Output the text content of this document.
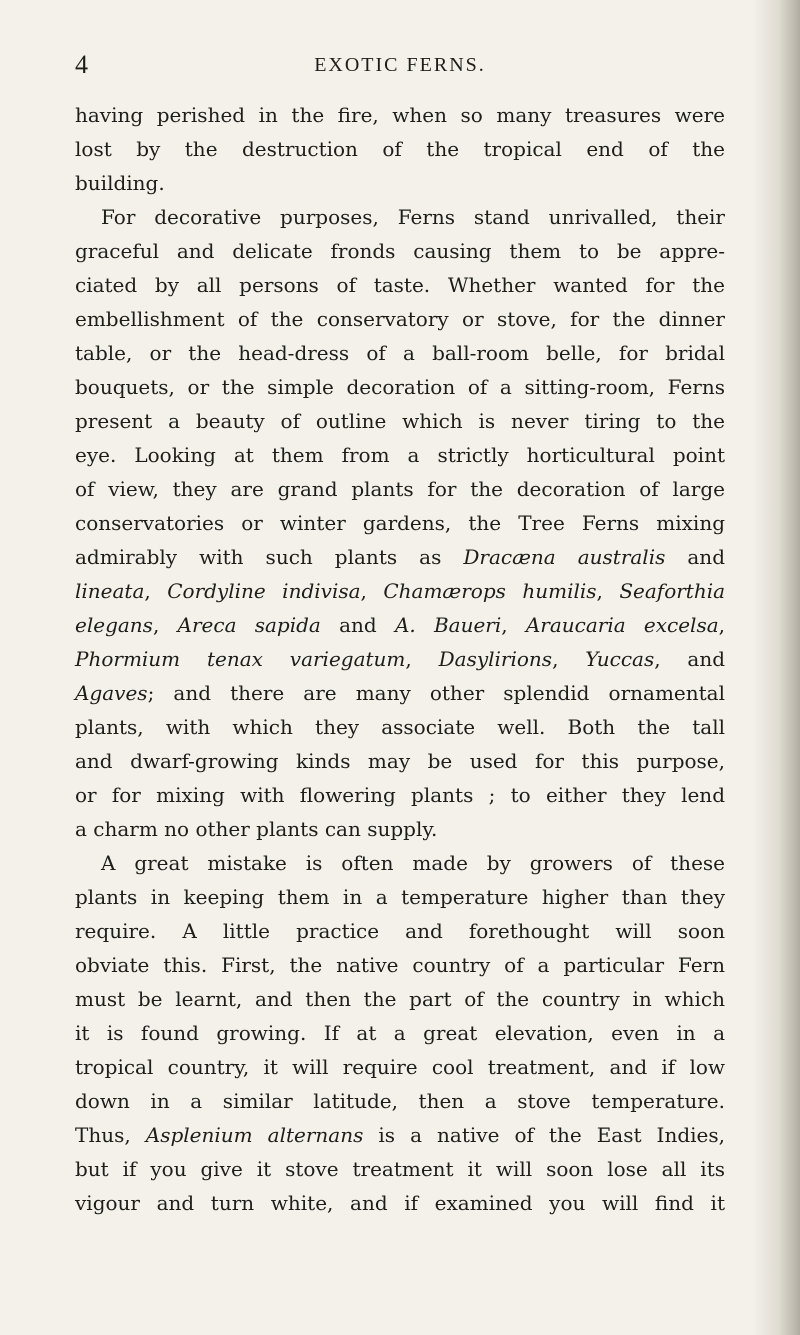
4	EXOTIC FERNS.
having perished in the fire, when so many treasures were
lost by the destruction of the tropical end of the
building.
For decorative purposes, Ferns stand unrivalled, their
graceful and delicate fronds causing them to be appre-
ciated by all persons of taste. Whether wanted for the
embellishment of the conservatory or stove, for the dinner
table, or the head-dress of a ball-room belle, for bridal
bouquets, or the simple decoration of a sitting-room, Ferns
present a beauty of outline which is never tiring to the
eye. Looking at them from a strictly horticultural point
of view, they are grand plants for the decoration of large
conservatories or winter gardens, the Tree Ferns mixing
admirably with such plants as Dracæna australis and
lineata, Cordyline indivisa, Chamærops humilis, Seaforthia
elegans, Areca sapida and A. Baueri, Araucaria excelsa,
Phormium tenax variegatum, Dasylirions, Yuccas, and
Agaves; and there are many other splendid ornamental
plants, with which they associate well. Both the tall
and dwarf-growing kinds may be used for this purpose,
or for mixing with flowering plants ; to either they lend
a charm no other plants can supply.
A great mistake is often made by growers of these
plants in keeping them in a temperature higher than they
require. A little practice and forethought will soon
obviate this. First, the native country of a particular Fern
must be learnt, and then the part of the country in which
it is found growing. If at a great elevation, even in a
tropical country, it will require cool treatment, and if low
down in a similar latitude, then a stove temperature.
Thus, Asplenium alternans is a native of the East Indies,
but if you give it stove treatment it will soon lose all its
vigour and turn white, and if examined you will find it
